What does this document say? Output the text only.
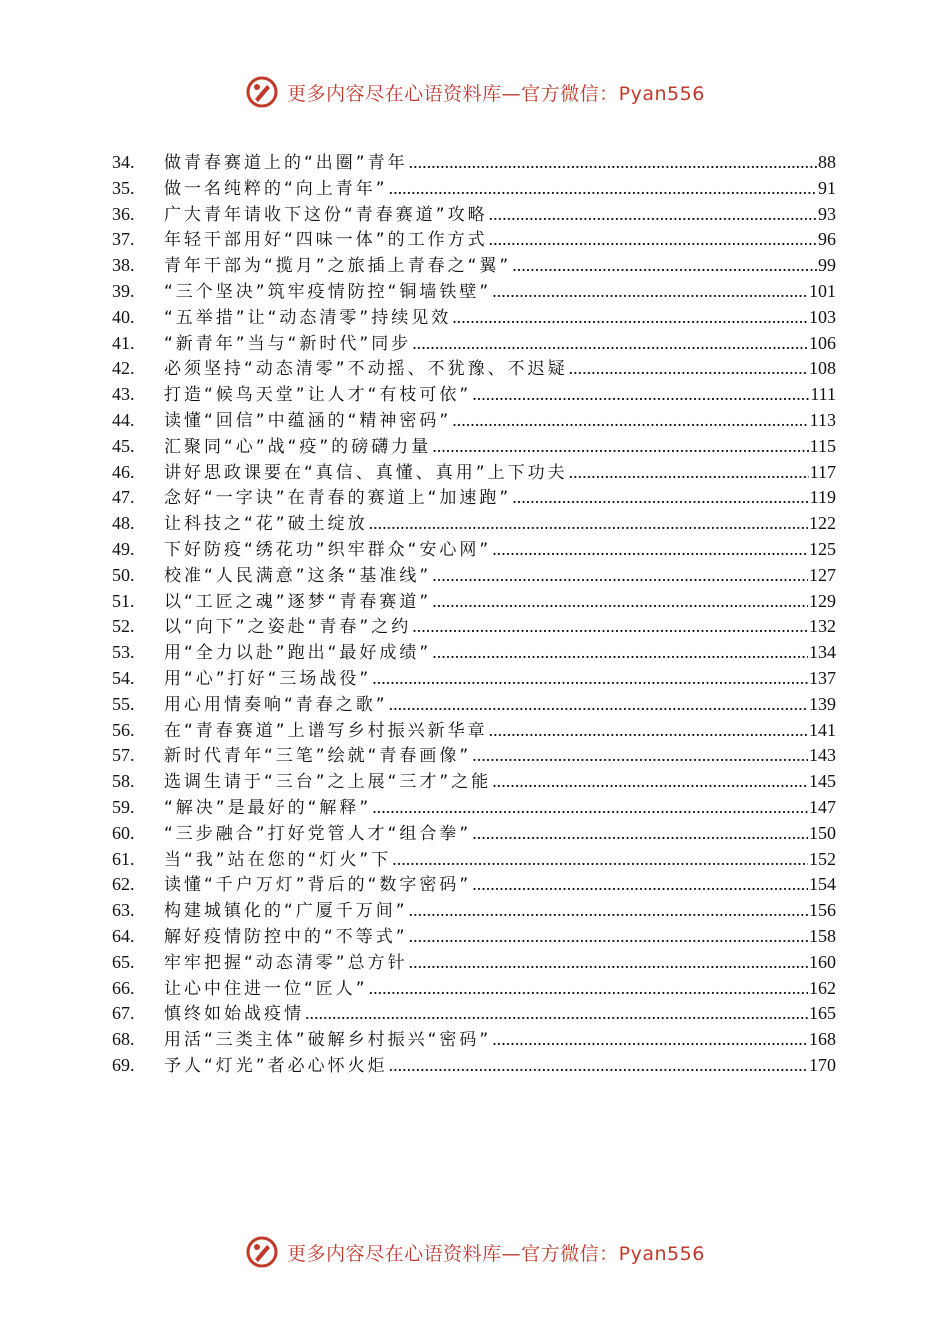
更多内容尽在心语资料库—官方微信：Pyan556
34.	做青春赛道上的“出圈”青年 .....	88
35.	做一名纯粹的“向上青年” .....	91
36.	广大青年请收下这份“青春赛道”攻略 .....	93
37.	年轻干部用好“四味一体”的工作方式 .....	96
38.	青年干部为“揽月”之旅插上青春之“翼” .....	99
39.	“三个坚决”筑牢疫情防控“铜墙铁壁” .....	101
40.	“五举措”让“动态清零”持续见效 .....	103
41.	“新青年”当与“新时代”同步 .....	106
42.	必须坚持“动态清零”不动摇、不犹豫、不迟疑 .....	108
43.	打造“候鸟天堂”让人才“有枝可依” .....	111
44.	读懂“回信”中蕴涵的“精神密码” .....	113
45.	汇聚同“心”战“疫”的磅礴力量 .....	115
46.	讲好思政课要在“真信、真懂、真用”上下功夫 .....	117
47.	念好“一字诀”在青春的赛道上“加速跑” .....	119
48.	让科技之“花”破土绽放 .....	122
49.	下好防疫“绣花功”织牢群众“安心网” .....	125
50.	校准“人民满意”这条“基准线” .....	127
51.	以“工匠之魂”逐梦“青春赛道” .....	129
52.	以“向下”之姿赴“青春”之约 .....	132
53.	用“全力以赴”跑出“最好成绩” .....	134
54.	用“心”打好“三场战役” .....	137
55.	用心用情奏响“青春之歌” .....	139
56.	在“青春赛道”上谱写乡村振兴新华章 .....	141
57.	新时代青年“三笔”绘就“青春画像” .....	143
58.	选调生请于“三台”之上展“三才”之能 .....	145
59.	“解决”是最好的“解释” .....	147
60.	“三步融合”打好党管人才“组合拳” .....	150
61.	当“我”站在您的“灯火”下 .....	152
62.	读懂“千户万灯”背后的“数字密码” .....	154
63.	构建城镇化的“广厦千万间” .....	156
64.	解好疫情防控中的“不等式” .....	158
65.	牢牢把握“动态清零”总方针 .....	160
66.	让心中住进一位“匠人” .....	162
67.	慎终如始战疫情 .....	165
68.	用活“三类主体”破解乡村振兴“密码” .....	168
69.	予人“灯光”者必心怀火炬 .....	170
更多内容尽在心语资料库—官方微信：Pyan556
